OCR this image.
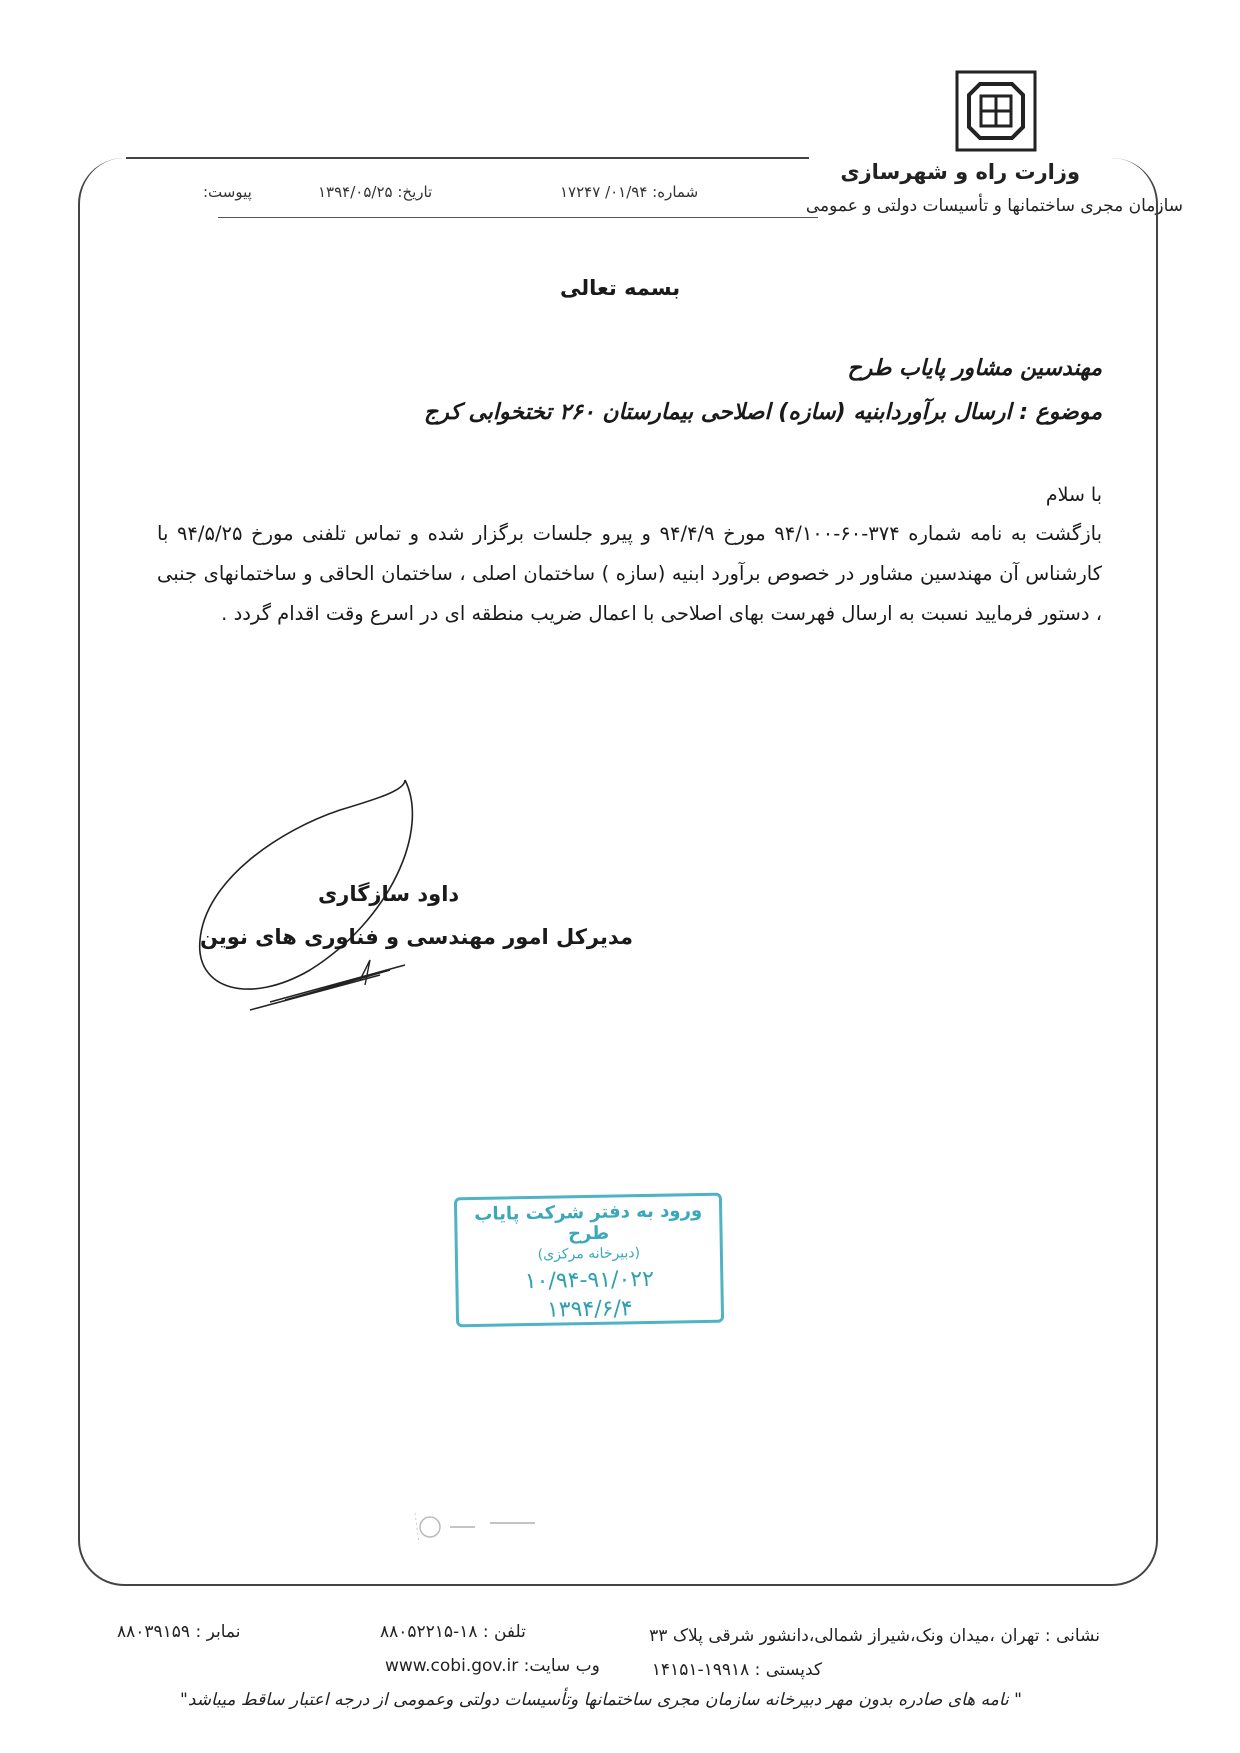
وزارت راه و شهرسازی
سازمان مجری ساختمانها و تأسیسات دولتی و عمومی
شماره: ۰۱/۹۴/ ۱۷۲۴۷
تاریخ: ۱۳۹۴/۰۵/۲۵
پیوست:
بسمه تعالی
مهندسین مشاور پایاب طرح
موضوع : ارسال برآوردابنیه (سازه) اصلاحی بیمارستان ۲۶۰ تختخوابی کرج
با سلام
بازگشت به نامه شماره ۳۷۴-۶۰-۹۴/۱۰۰ مورخ ۹۴/۴/۹ و پیرو جلسات برگزار شده و تماس تلفنی مورخ ۹۴/۵/۲۵ با کارشناس آن مهندسین مشاور در خصوص برآورد ابنیه (سازه ) ساختمان اصلی ، ساختمان الحاقی و ساختمانهای جنبی ، دستور فرمایید نسبت به ارسال فهرست بهای اصلاحی با اعمال ضریب منطقه ای در اسرع وقت اقدام گردد .
داود سازگاری
مدیرکل امور مهندسی و فناوری های نوین
ورود به دفتر شرکت پایاب طرح
(دبیرخانه مرکزی)
۱۰/۹۴-۹۱/۰۲۲
۱۳۹۴/۶/۴
نشانی : تهران ،میدان ونک،شیراز شمالی،دانشور شرقی پلاک ۳۳
تلفن : ۱۸-۸۸۰۵۲۲۱۵
نمابر : ۸۸۰۳۹۱۵۹
کدپستی : ۱۹۹۱۸-۱۴۱۵۱
وب سایت: www.cobi.gov.ir
" نامه های صادره بدون مهر دبیرخانه سازمان مجری ساختمانها وتأسیسات دولتی وعمومی از درجه اعتبار ساقط میباشد"
